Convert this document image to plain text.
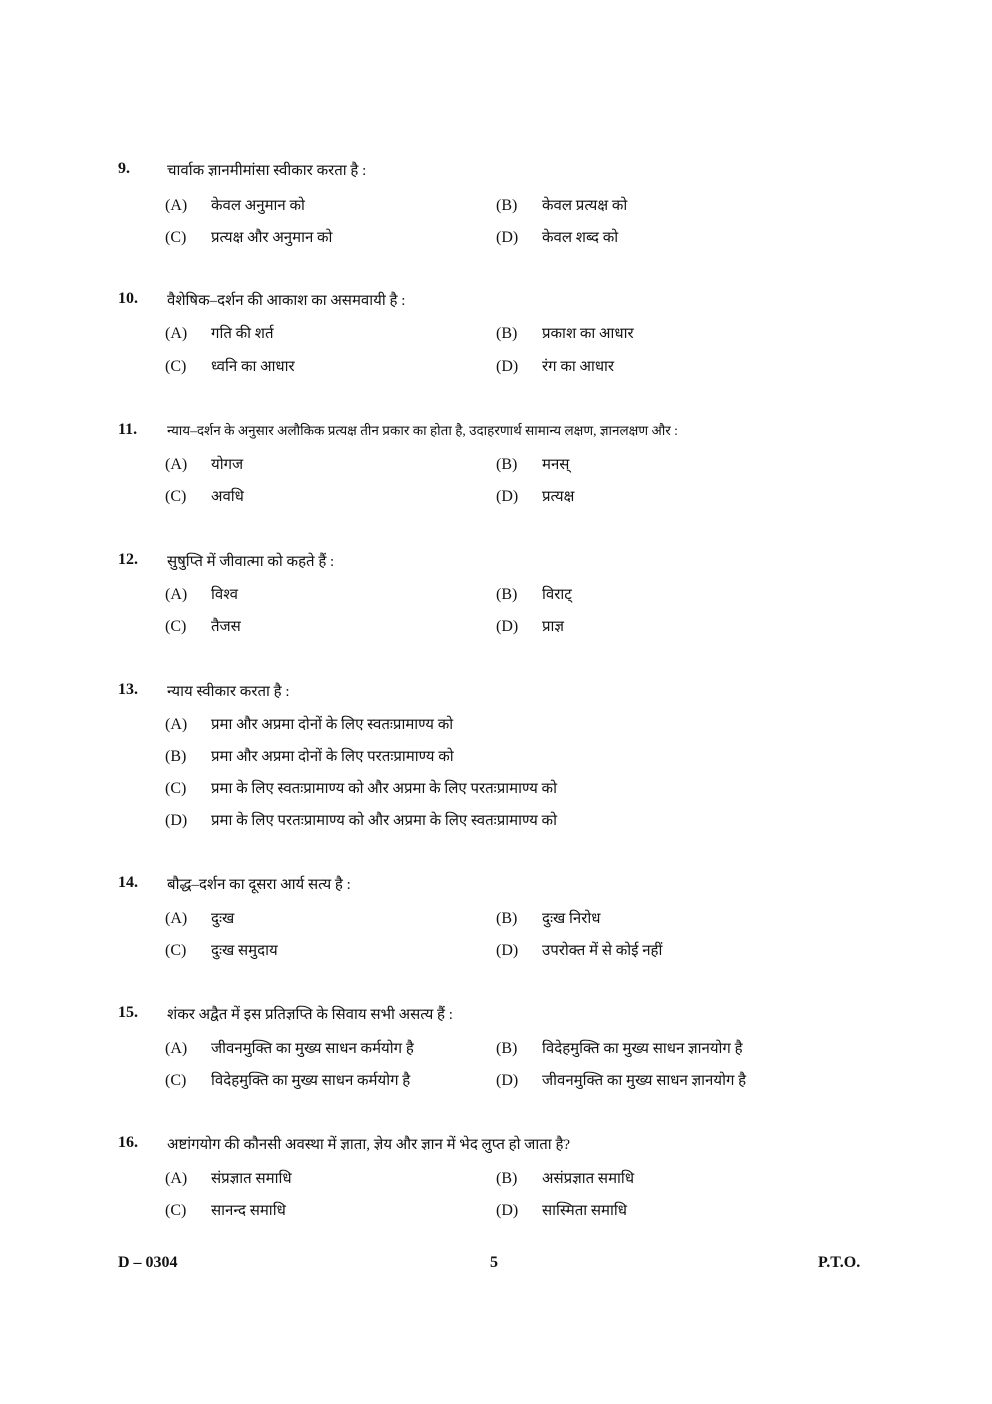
9. चार्वाक ज्ञानमीमांसा स्वीकार करता है :
(A) केवल अनुमान को	(B) केवल प्रत्यक्ष को
(C) प्रत्यक्ष और अनुमान को	(D) केवल शब्द को
10. वैशेषिक–दर्शन की आकाश का असमवायी है :
(A) गति की शर्त	(B) प्रकाश का आधार
(C) ध्वनि का आधार	(D) रंग का आधार
11. न्याय–दर्शन के अनुसार अलौकिक प्रत्यक्ष तीन प्रकार का होता है, उदाहरणार्थ सामान्य लक्षण, ज्ञानलक्षण और :
(A) योगज	(B) मनस्
(C) अवधि	(D) प्रत्यक्ष
12. सुषुप्ति में जीवात्मा को कहते हैं :
(A) विश्व	(B) विराट्
(C) तैजस	(D) प्राज्ञ
13. न्याय स्वीकार करता है :
(A) प्रमा और अप्रमा दोनों के लिए स्वतःप्रामाण्य को
(B) प्रमा और अप्रमा दोनों के लिए परतःप्रामाण्य को
(C) प्रमा के लिए स्वतःप्रामाण्य को और अप्रमा के लिए परतःप्रामाण्य को
(D) प्रमा के लिए परतःप्रामाण्य को और अप्रमा के लिए स्वतःप्रामाण्य को
14. बौद्ध–दर्शन का दूसरा आर्य सत्य है :
(A) दुःख	(B) दुःख निरोध
(C) दुःख समुदाय	(D) उपरोक्त में से कोई नहीं
15. शंकर अद्वैत में इस प्रतिज्ञप्ति के सिवाय सभी असत्य हैं :
(A) जीवनमुक्ति का मुख्य साधन कर्मयोग है	(B) विदेहमुक्ति का मुख्य साधन ज्ञानयोग है
(C) विदेहमुक्ति का मुख्य साधन कर्मयोग है	(D) जीवनमुक्ति का मुख्य साधन ज्ञानयोग है
16. अष्टांगयोग की कौनसी अवस्था में ज्ञाता, ज्ञेय और ज्ञान में भेद लुप्त हो जाता है?
(A) संप्रज्ञात समाधि	(B) असंप्रज्ञात समाधि
(C) सानन्द समाधि	(D) सास्मिता समाधि
D – 0304	5	P.T.O.
